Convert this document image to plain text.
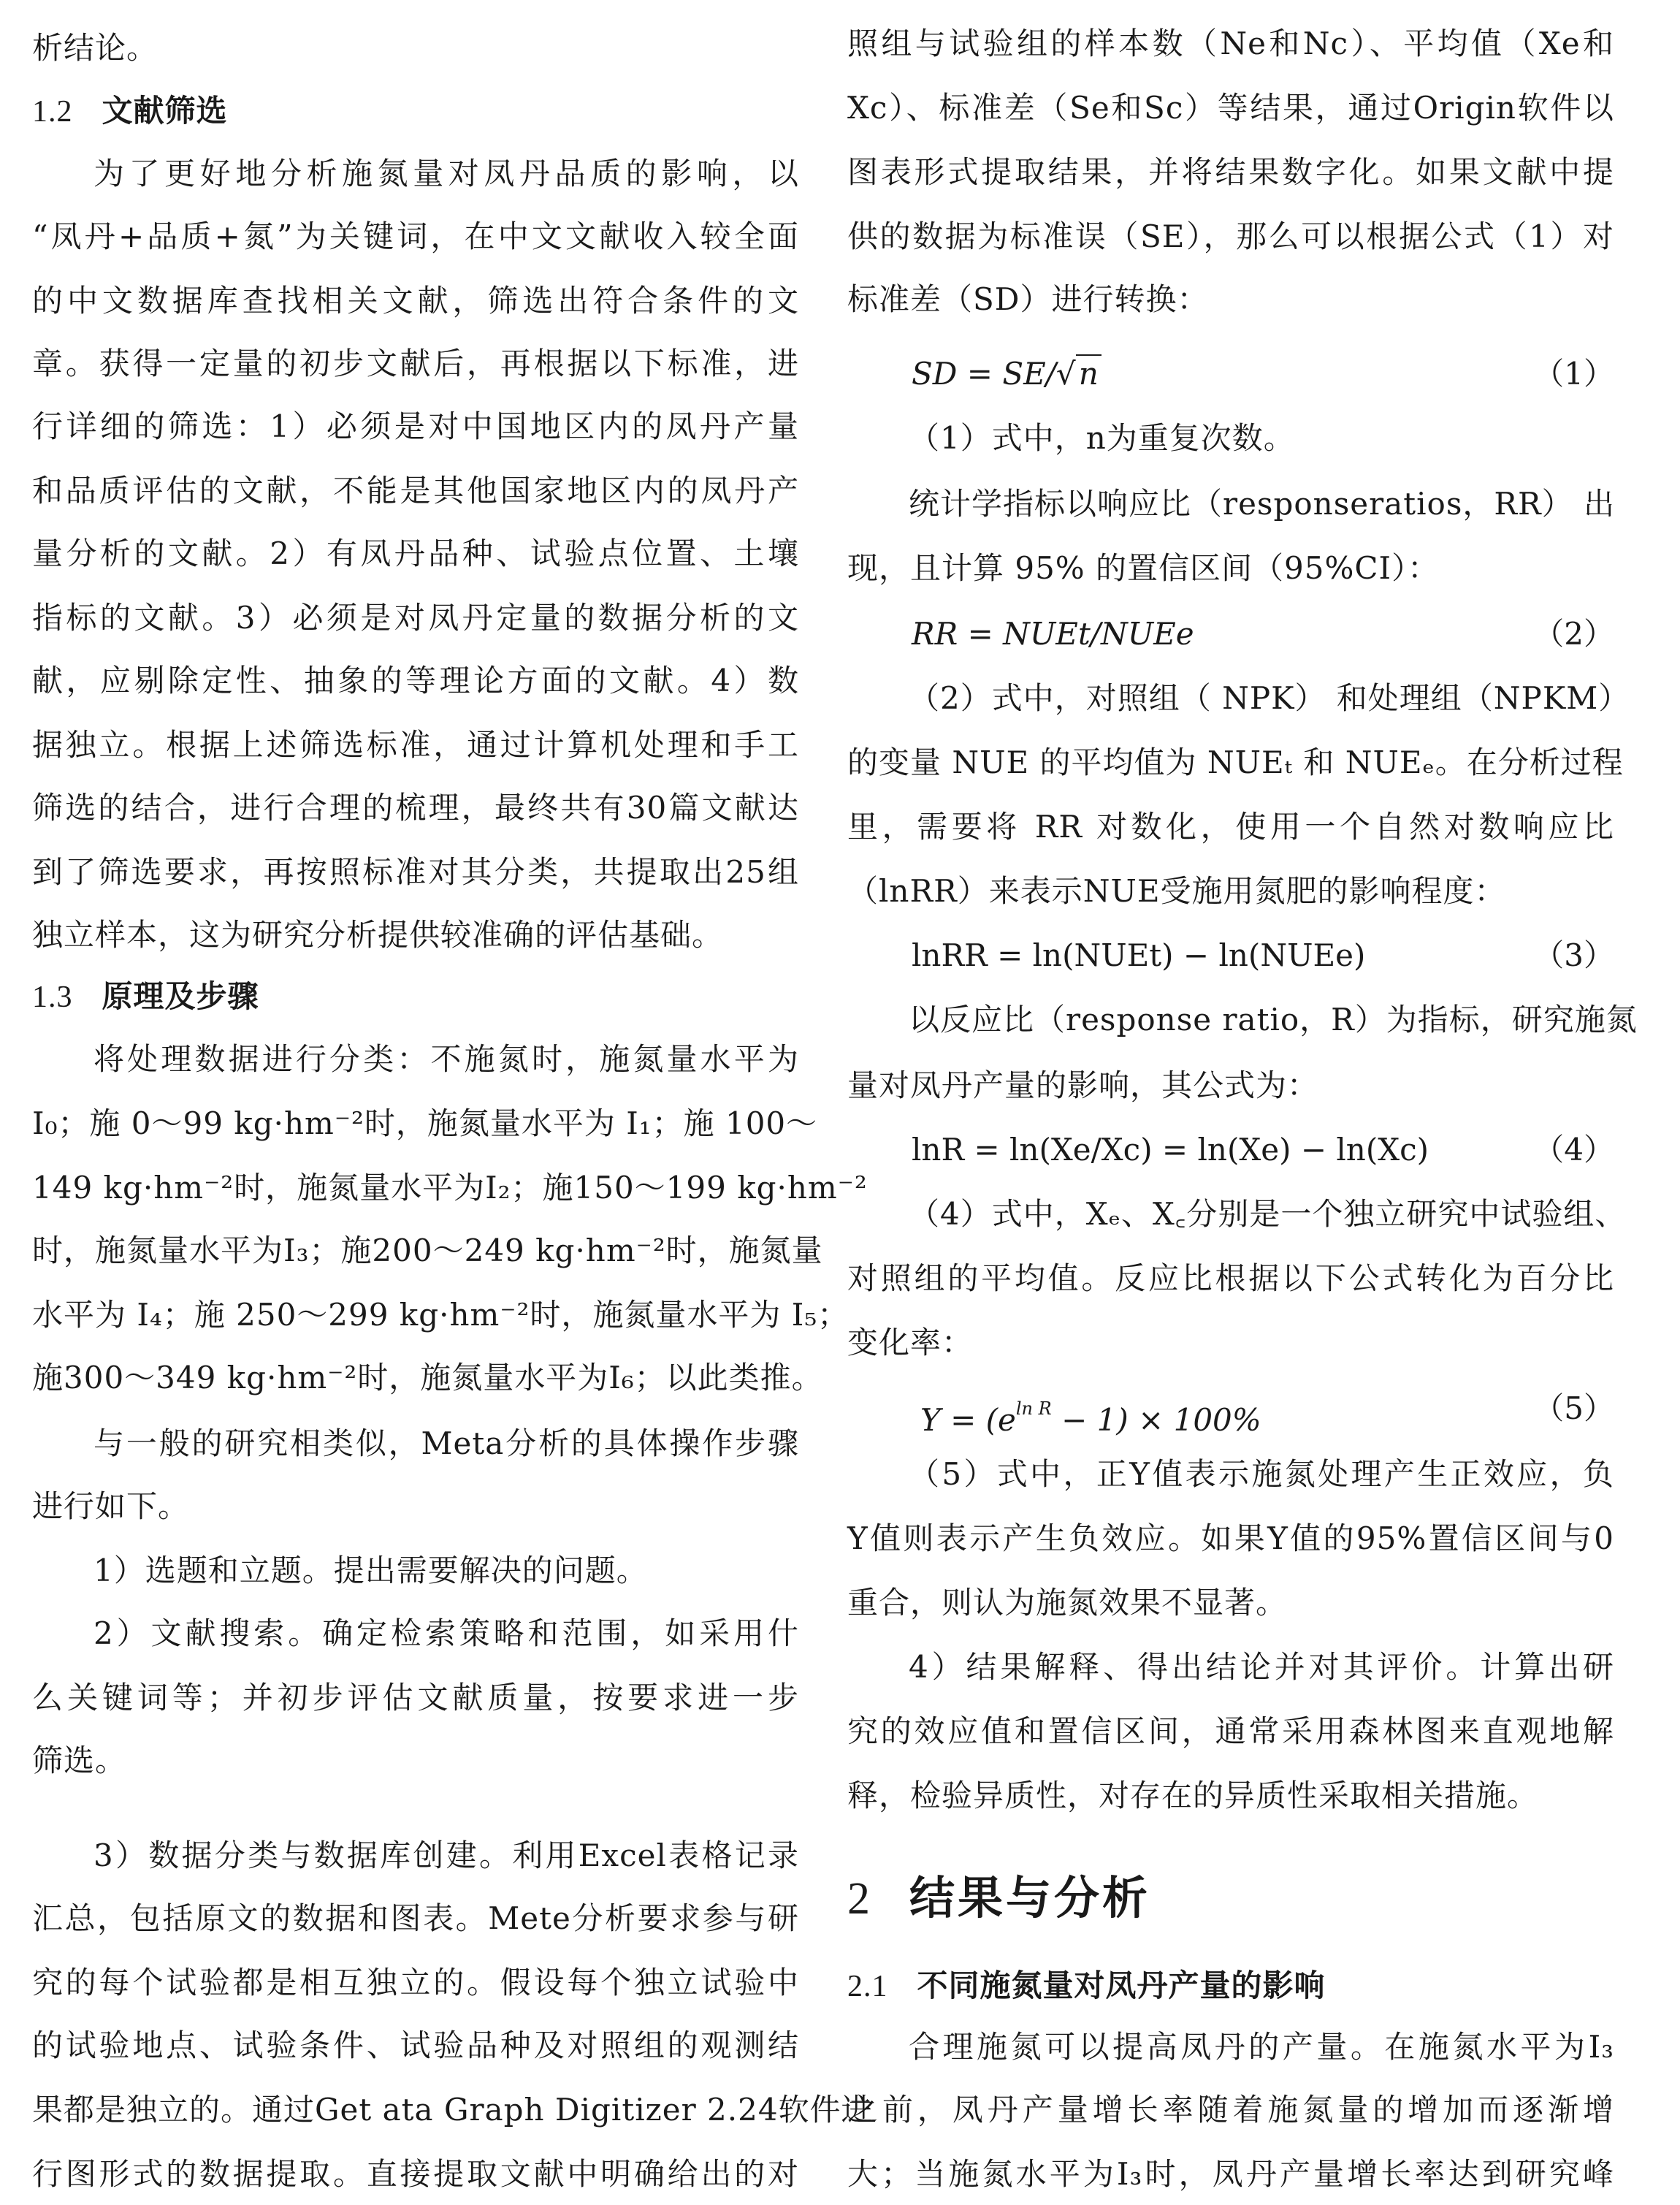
析结论。
1.2 文献筛选
为了更好地分析施氮量对凤丹品质的影响，以
“凤丹+品质+氮”为关键词，在中文文献收入较全面
的中文数据库查找相关文献，筛选出符合条件的文
章。获得一定量的初步文献后，再根据以下标准，进
行详细的筛选：1）必须是对中国地区内的凤丹产量
和品质评估的文献，不能是其他国家地区内的凤丹产
量分析的文献。2）有凤丹品种、试验点位置、土壤
指标的文献。3）必须是对凤丹定量的数据分析的文
献，应剔除定性、抽象的等理论方面的文献。4）数
据独立。根据上述筛选标准，通过计算机处理和手工
筛选的结合，进行合理的梳理，最终共有30篇文献达
到了筛选要求，再按照标准对其分类，共提取出25组
独立样本，这为研究分析提供较准确的评估基础。
1.3 原理及步骤
将处理数据进行分类：不施氮时，施氮量水平为
I₀；施 0～99 kg·hm⁻²时，施氮量水平为 I₁；施 100～
149 kg·hm⁻²时，施氮量水平为I₂；施150～199 kg·hm⁻²
时，施氮量水平为I₃；施200～249 kg·hm⁻²时，施氮量
水平为 I₄；施 250～299 kg·hm⁻²时，施氮量水平为 I₅；
施300～349 kg·hm⁻²时，施氮量水平为I₆；以此类推。
与一般的研究相类似，Meta分析的具体操作步骤
进行如下。
1）选题和立题。提出需要解决的问题。
2）文献搜索。确定检索策略和范围，如采用什
么关键词等；并初步评估文献质量，按要求进一步
筛选。
3）数据分类与数据库创建。利用Excel表格记录
汇总，包括原文的数据和图表。Mete分析要求参与研
究的每个试验都是相互独立的。假设每个独立试验中
的试验地点、试验条件、试验品种及对照组的观测结
果都是独立的。通过Get ata Graph Digitizer 2.24软件进
行图形式的数据提取。直接提取文献中明确给出的对
照组与试验组的样本数（Ne和Nc）、平均值（Xe和
Xc）、标准差（Se和Sc）等结果，通过Origin软件以
图表形式提取结果，并将结果数字化。如果文献中提
供的数据为标准误（SE），那么可以根据公式（1）对
标准差（SD）进行转换：
SD = SE/√n	（1）
（1）式中，n为重复次数。
统计学指标以响应比（responseratios，RR） 出
现，且计算 95% 的置信区间（95%CI）：
RR = NUEt/NUEe	（2）
（2）式中，对照组（ NPK） 和处理组（NPKM）
的变量 NUE 的平均值为 NUEₜ 和 NUEₑ。在分析过程
里，需要将 RR 对数化，使用一个自然对数响应比
（lnRR）来表示NUE受施用氮肥的影响程度：
lnRR = ln(NUEt) − ln(NUEe)	（3）
以反应比（response ratio，R）为指标，研究施氮
量对凤丹产量的影响，其公式为：
lnR = ln(Xe/Xc) = ln(Xe) − ln(Xc)	（4）
（4）式中，Xₑ、X꜀分别是一个独立研究中试验组、
对照组的平均值。反应比根据以下公式转化为百分比
变化率：
$Y = (e^{ln R} - 1) \times 100\%$	（5）
（5）式中，正Y值表示施氮处理产生正效应，负
Y值则表示产生负效应。如果Y值的95%置信区间与0
重合，则认为施氮效果不显著。
4）结果解释、得出结论并对其评价。计算出研
究的效应值和置信区间，通常采用森林图来直观地解
释，检验异质性，对存在的异质性采取相关措施。
2 结果与分析
2.1 不同施氮量对凤丹产量的影响
合理施氮可以提高凤丹的产量。在施氮水平为I₃
之前，凤丹产量增长率随着施氮量的增加而逐渐增
大；当施氮水平为I₃时，凤丹产量增长率达到研究峰
